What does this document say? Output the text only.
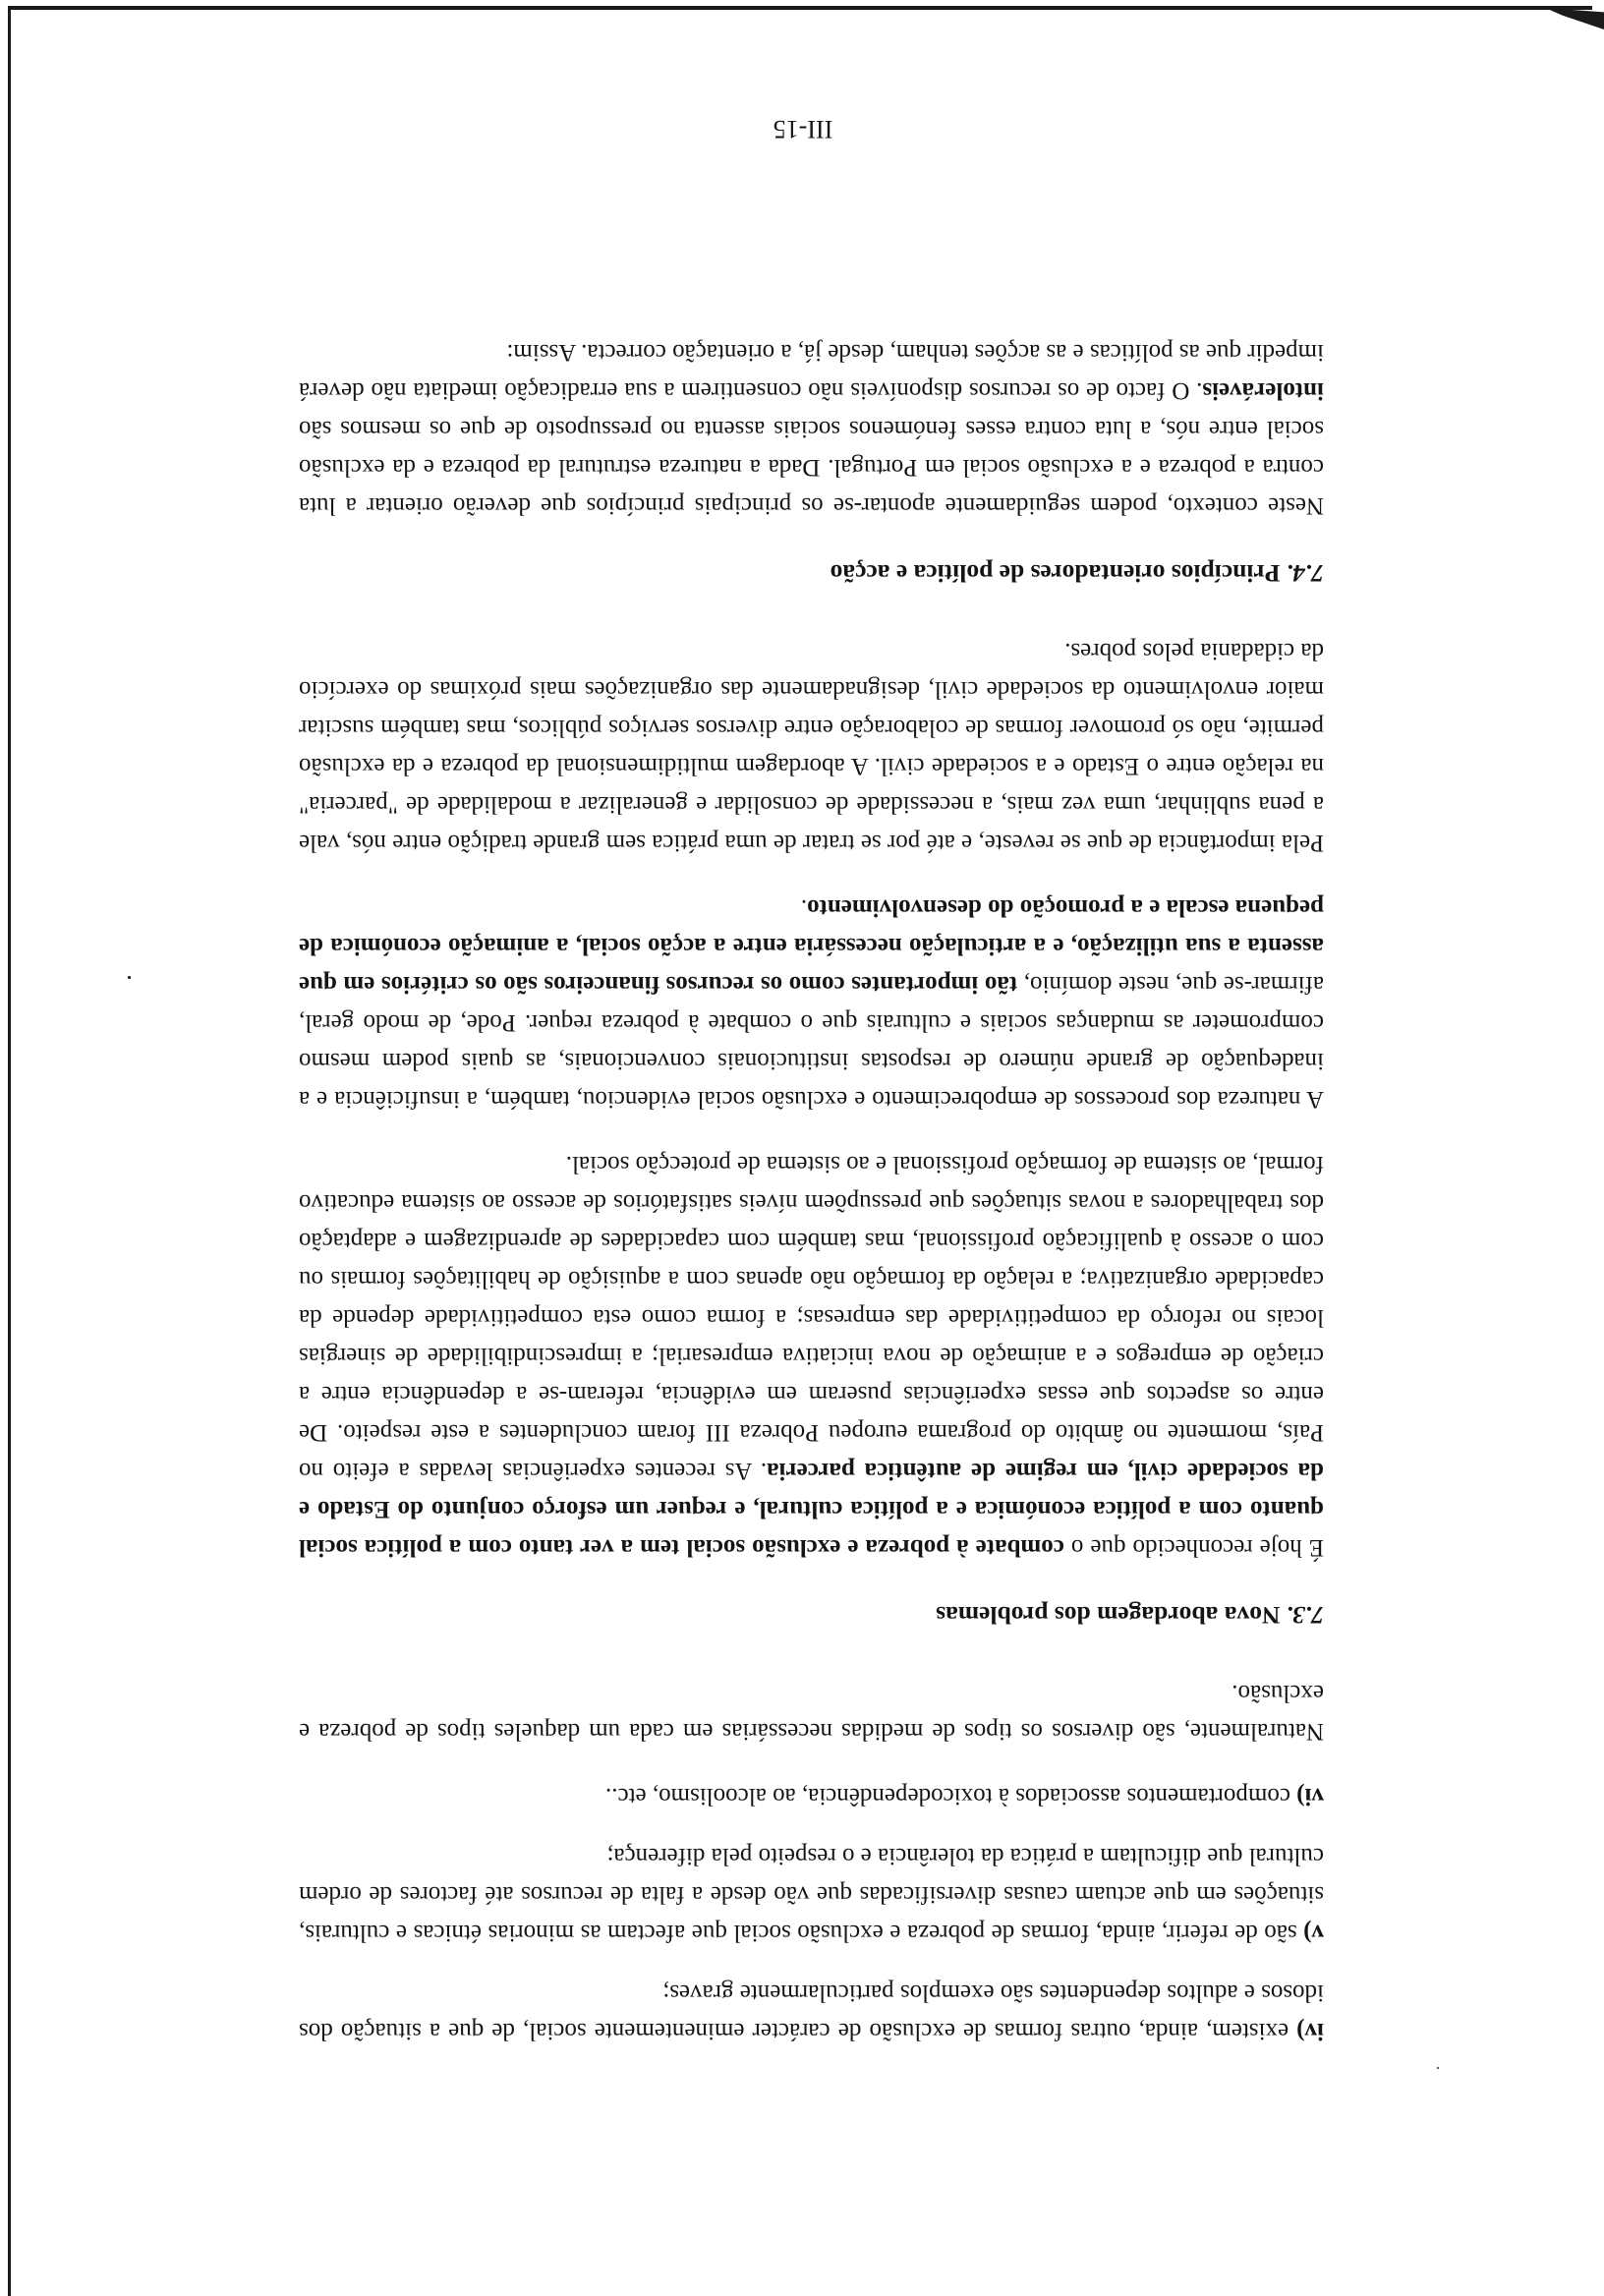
iv) existem, ainda, outras formas de exclusão de carácter eminentemente social, de que a situação dos idosos e adultos dependentes são exemplos particularmente graves;

v) são de referir, ainda, formas de pobreza e exclusão social que afectam as minorias étnicas e culturais, situações em que actuam causas diversificadas que vão desde a falta de recursos até factores de ordem cultural que dificultam a prática da tolerância e o respeito pela diferença;

vi) comportamentos associados à toxicodependência, ao alcoolismo, etc..

Naturalmente, são diversos os tipos de medidas necessárias em cada um daqueles tipos de pobreza e exclusão.

7.3. Nova abordagem dos problemas

É hoje reconhecido que o combate à pobreza e exclusão social tem a ver tanto com a política social quanto com a política económica e a política cultural, e requer um esforço conjunto do Estado e da sociedade civil, em regime de autêntica parceria. As recentes experiências levadas a efeito no País, mormente no âmbito do programa europeu Pobreza III foram concludentes a este respeito. De entre os aspectos que essas experiências puseram em evidência, referam-se a dependência entre a criação de empregos e a animação de nova iniciativa empresarial; a imprescindibilidade de sinergias locais no reforço da competitividade das empresas; a forma como esta competitividade depende da capacidade organizativa; a relação da formação não apenas com a aquisição de habilitações formais ou com o acesso à qualificação profissional, mas também com capacidades de aprendizagem e adaptação dos trabalhadores a novas situações que pressupõem níveis satisfatórios de acesso ao sistema educativo formal, ao sistema de formação profissional e ao sistema de protecção social.

A natureza dos processos de empobrecimento e exclusão social evidenciou, também, a insuficiência e a inadequação de grande número de respostas institucionais convencionais, as quais podem mesmo comprometer as mudanças sociais e culturais que o combate à pobreza requer. Pode, de modo geral, afirmar-se que, neste domínio, tão importantes como os recursos financeiros são os critérios em que assenta a sua utilização, e a articulação necessária entre a acção social, a animação económica de pequena escala e a promoção do desenvolvimento.

Pela importância de que se reveste, e até por se tratar de uma prática sem grande tradição entre nós, vale a pena sublinhar, uma vez mais, a necessidade de consolidar e generalizar a modalidade de "parceria" na relação entre o Estado e a sociedade civil. A abordagem multidimensional da pobreza e da exclusão permite, não só promover formas de colaboração entre diversos serviços públicos, mas também suscitar maior envolvimento da sociedade civil, designadamente das organizações mais próximas do exercício da cidadania pelos pobres.

7.4. Princípios orientadores de política e acção

Neste contexto, podem seguidamente apontar-se os principais princípios que deverão orientar a luta contra a pobreza e a exclusão social em Portugal. Dada a natureza estrutural da pobreza e da exclusão social entre nós, a luta contra esses fenómenos sociais assenta no pressuposto de que os mesmos são intoleráveis. O facto de os recursos disponíveis não consentirem a sua erradicação imediata não deverá impedir que as políticas e as acções tenham, desde já, a orientação correcta. Assim:

III-15
